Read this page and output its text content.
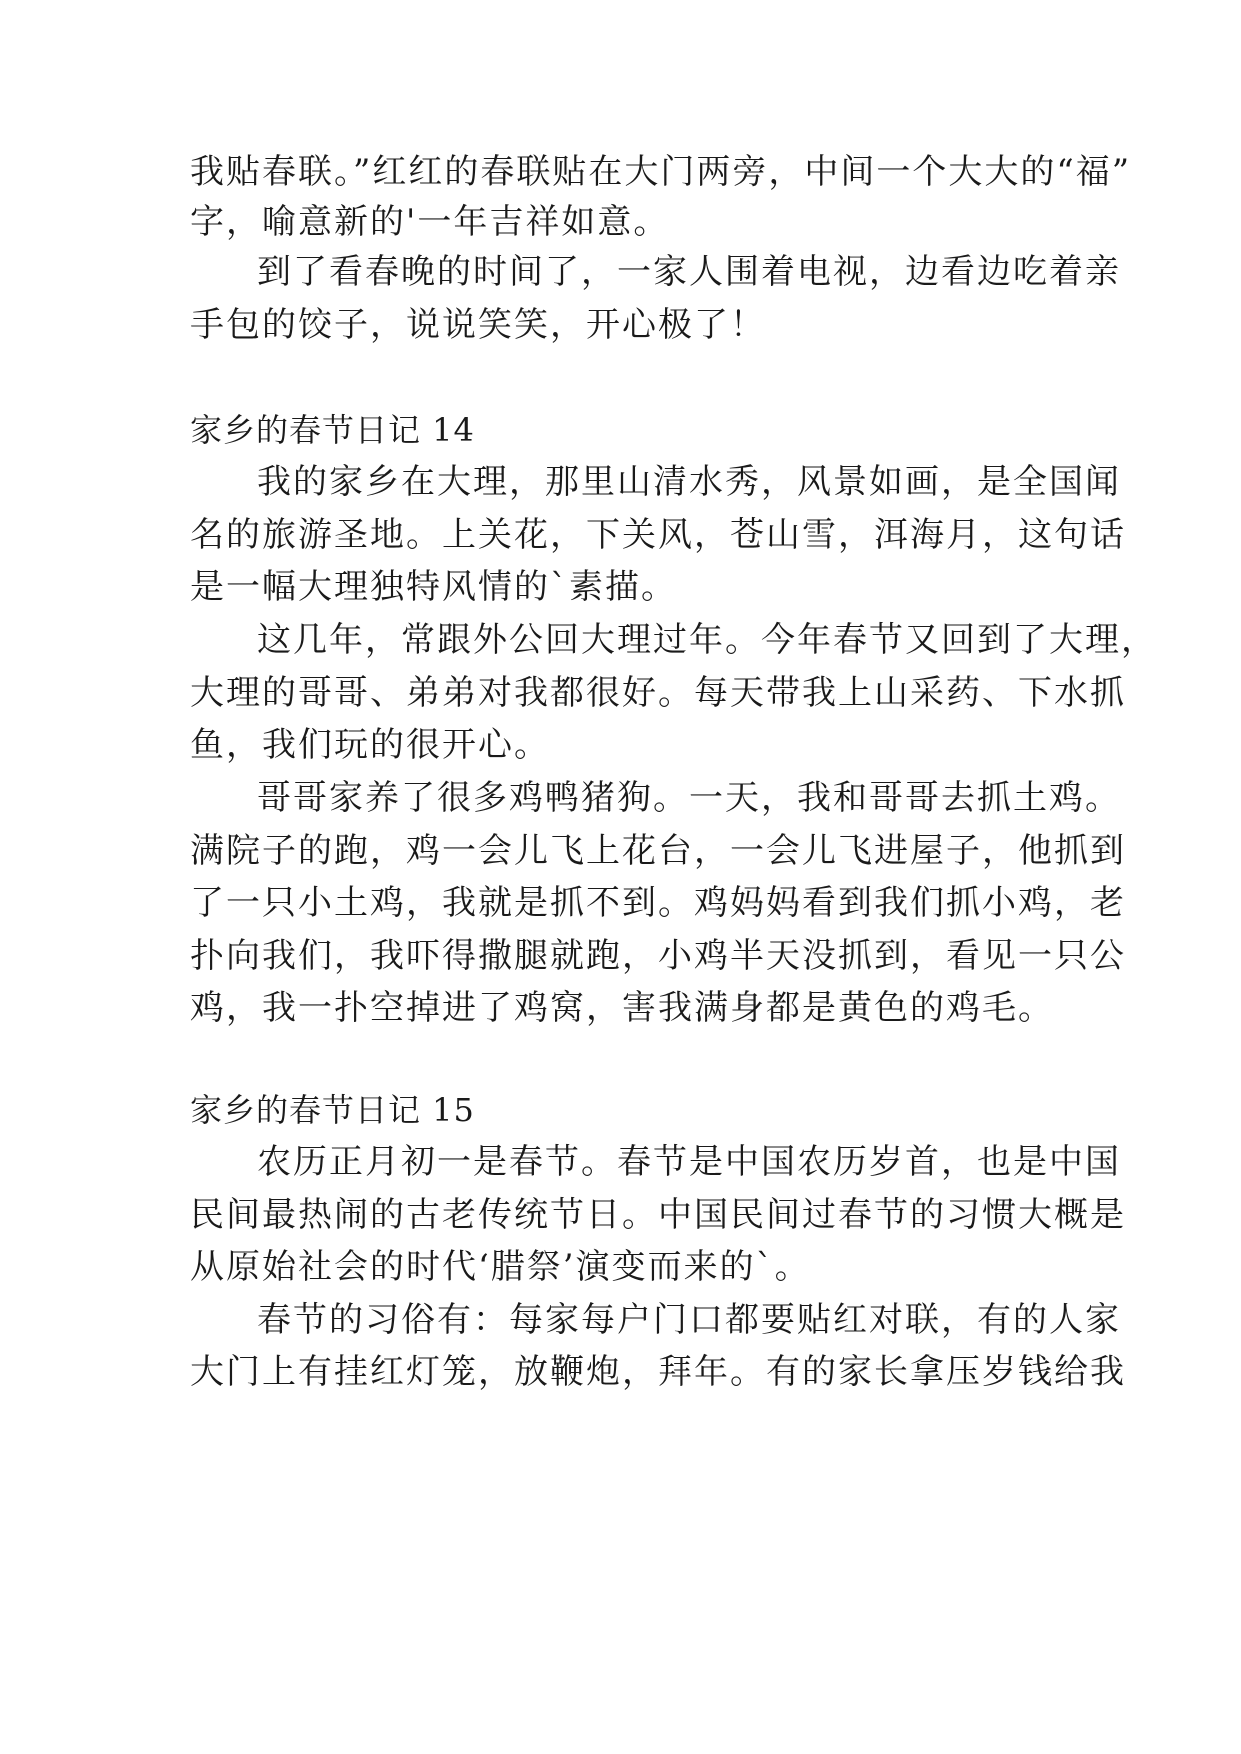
我贴春联。”红红的春联贴在大门两旁，中间一个大大的“福”
字，喻意新的'一年吉祥如意。
到了看春晚的时间了，一家人围着电视，边看边吃着亲
手包的饺子，说说笑笑，开心极了！
家乡的春节日记 14
我的家乡在大理，那里山清水秀，风景如画，是全国闻
名的旅游圣地。上关花，下关风，苍山雪，洱海月，这句话
是一幅大理独特风情的`素描。
这几年，常跟外公回大理过年。今年春节又回到了大理，
大理的哥哥、弟弟对我都很好。每天带我上山采药、下水抓
鱼，我们玩的很开心。
哥哥家养了很多鸡鸭猪狗。一天，我和哥哥去抓土鸡。
满院子的跑，鸡一会儿飞上花台，一会儿飞进屋子，他抓到
了一只小土鸡，我就是抓不到。鸡妈妈看到我们抓小鸡，老
扑向我们，我吓得撒腿就跑，小鸡半天没抓到，看见一只公
鸡，我一扑空掉进了鸡窝，害我满身都是黄色的鸡毛。
家乡的春节日记 15
农历正月初一是春节。春节是中国农历岁首，也是中国
民间最热闹的古老传统节日。中国民间过春节的习惯大概是
从原始社会的时代‘腊祭’演变而来的`。
春节的习俗有：每家每户门口都要贴红对联，有的人家
大门上有挂红灯笼，放鞭炮，拜年。有的家长拿压岁钱给我
